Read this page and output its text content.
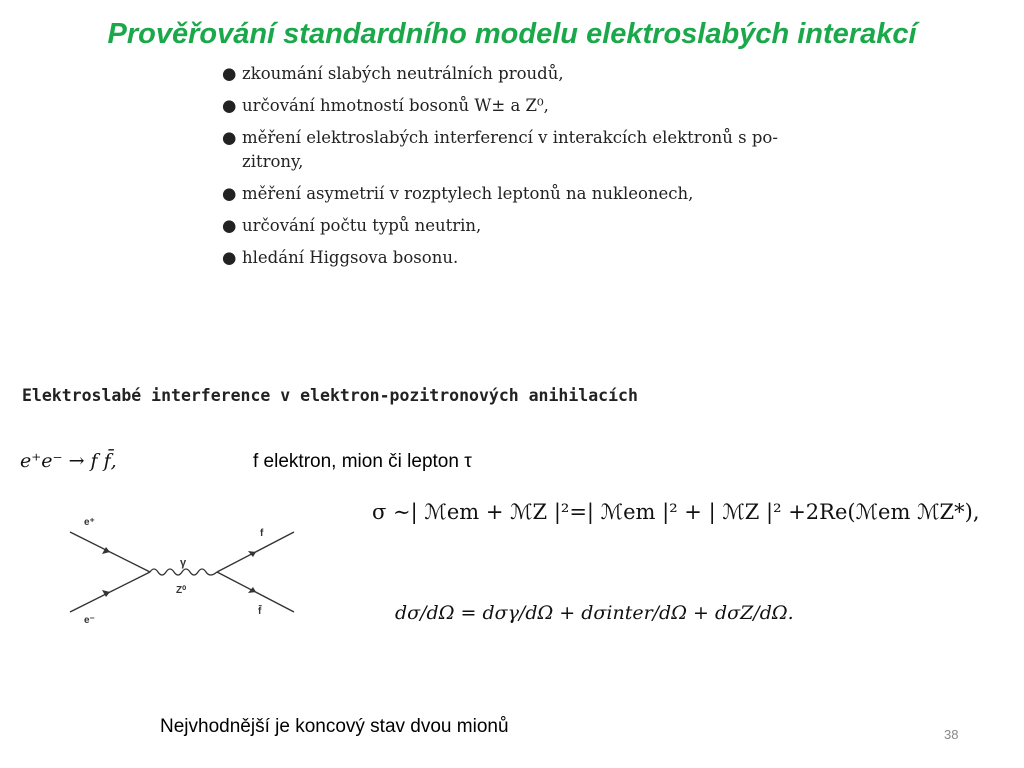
Prověřování standardního modelu elektroslabých interakcí
● zkoumání slabých neutrálních proudů,
● určování hmotností bosonů W± a Z⁰,
● měření elektroslabých interferencí v interakcích elektronů s po-zitrony,
● měření asymetrií v rozptylech leptonů na nukleonech,
● určování počtu typů neutrin,
● hledání Higgsova bosonu.
Elektroslabé interference v elektron-pozitronových anihilacích
e⁺e⁻ → f f̄,	f elektron, mion či lepton τ
e⁺
e⁻
f
f̄
γ
Z⁰
σ ∼| ℳem + ℳZ |²=| ℳem |² + | ℳZ |² +2Re(ℳem ℳZ*),
dσ/dΩ = dσγ/dΩ + dσinter/dΩ + dσZ/dΩ.
Nejvhodnější je koncový stav dvou mionů	38
